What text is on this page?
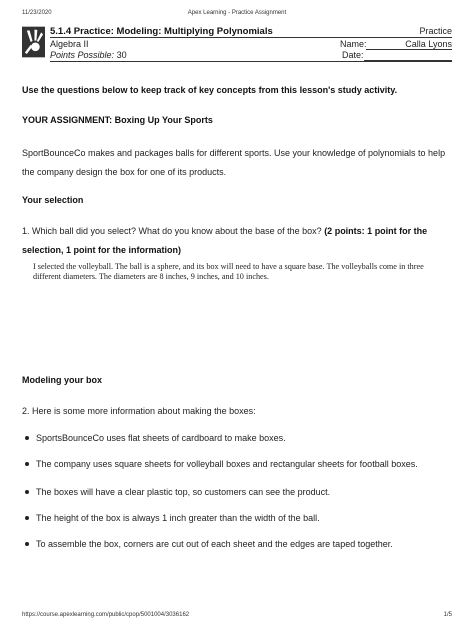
11/23/2020	Apex Learning - Practice Assignment
5.1.4 Practice: Modeling: Multiplying Polynomials
Algebra II
Points Possible: 30
Practice
Name:	Calla Lyons
Date:
Use the questions below to keep track of key concepts from this lesson's study activity.
YOUR ASSIGNMENT: Boxing Up Your Sports
SportBounceCo makes and packages balls for different sports. Use your knowledge of polynomials to help the company design the box for one of its products.
Your selection
1. Which ball did you select? What do you know about the base of the box? (2 points: 1 point for the selection, 1 point for the information)
I selected the volleyball. The ball is a sphere, and its box will need to have a square base. The volleyballs come in three different diameters. The diameters are 8 inches, 9 inches, and 10 inches.
Modeling your box
2. Here is some more information about making the boxes:
SportsBounceCo uses flat sheets of cardboard to make boxes.
The company uses square sheets for volleyball boxes and rectangular sheets for football boxes.
The boxes will have a clear plastic top, so customers can see the product.
The height of the box is always 1 inch greater than the width of the ball.
To assemble the box, corners are cut out of each sheet and the edges are taped together.
https://course.apexlearning.com/public/cpop/5001004/3036162	1/5
